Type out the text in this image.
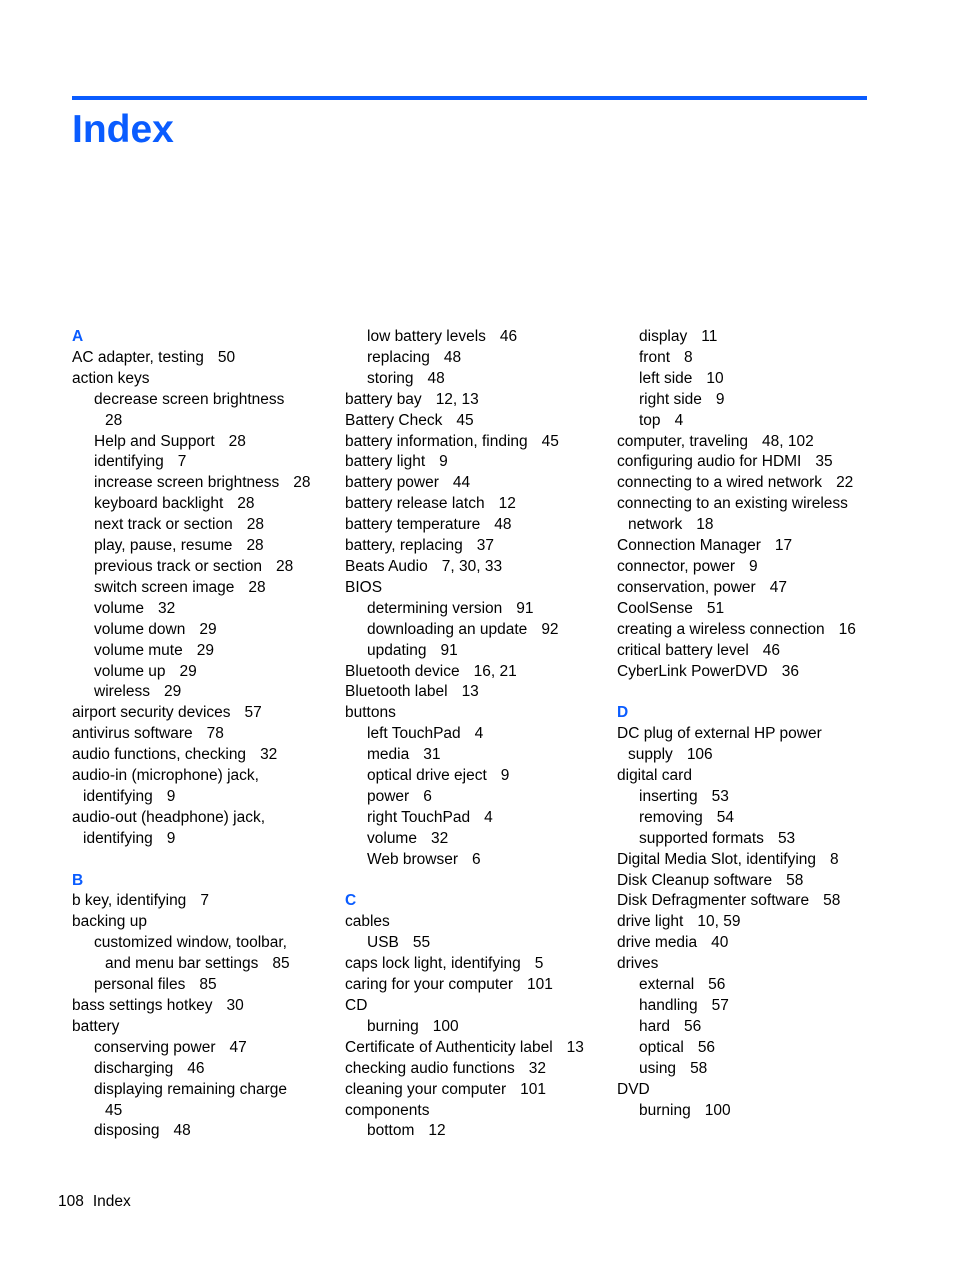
Index
A
AC adapter, testing 50
action keys
decrease screen brightness
28
Help and Support 28
identifying 7
increase screen brightness 28
keyboard backlight 28
next track or section 28
play, pause, resume 28
previous track or section 28
switch screen image 28
volume 32
volume down 29
volume mute 29
volume up 29
wireless 29
airport security devices 57
antivirus software 78
audio functions, checking 32
audio-in (microphone) jack,
identifying 9
audio-out (headphone) jack,
identifying 9
B
b key, identifying 7
backing up
customized window, toolbar,
and menu bar settings 85
personal files 85
bass settings hotkey 30
battery
conserving power 47
discharging 46
displaying remaining charge
45
disposing 48
low battery levels 46
replacing 48
storing 48
battery bay 12, 13
Battery Check 45
battery information, finding 45
battery light 9
battery power 44
battery release latch 12
battery temperature 48
battery, replacing 37
Beats Audio 7, 30, 33
BIOS
determining version 91
downloading an update 92
updating 91
Bluetooth device 16, 21
Bluetooth label 13
buttons
left TouchPad 4
media 31
optical drive eject 9
power 6
right TouchPad 4
volume 32
Web browser 6
C
cables
USB 55
caps lock light, identifying 5
caring for your computer 101
CD
burning 100
Certificate of Authenticity label 13
checking audio functions 32
cleaning your computer 101
components
bottom 12
display 11
front 8
left side 10
right side 9
top 4
computer, traveling 48, 102
configuring audio for HDMI 35
connecting to a wired network 22
connecting to an existing wireless
network 18
Connection Manager 17
connector, power 9
conservation, power 47
CoolSense 51
creating a wireless connection 16
critical battery level 46
CyberLink PowerDVD 36
D
DC plug of external HP power
supply 106
digital card
inserting 53
removing 54
supported formats 53
Digital Media Slot, identifying 8
Disk Cleanup software 58
Disk Defragmenter software 58
drive light 10, 59
drive media 40
drives
external 56
handling 57
hard 56
optical 56
using 58
DVD
burning 100
108 Index
